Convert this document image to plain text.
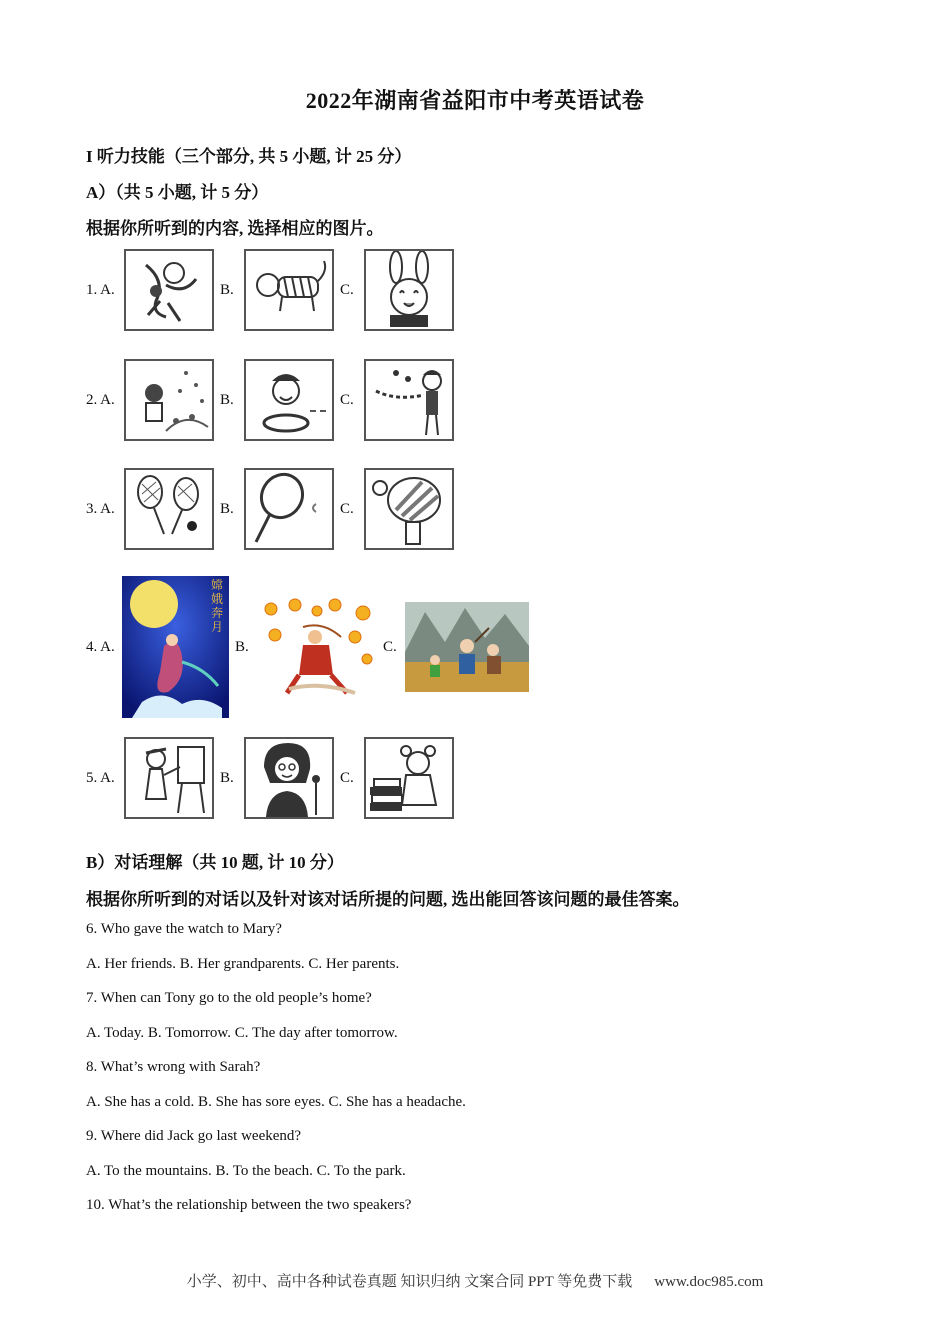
2022年湖南省益阳市中考英语试卷
I 听力技能（三个部分, 共 5 小题, 计 25 分）
A）（共 5 小题, 计 5 分）
根据你所听到的内容, 选择相应的图片。
1. A.	B.	C.
2. A.	B.	C.
3. A.	B.	C.
4. A.
嫦娥奔月
B.	C.
5. A.	B.	C.
B）对话理解（共 10 题, 计 10 分）
根据你所听到的对话以及针对该对话所提的问题, 选出能回答该问题的最佳答案。
6. Who gave the watch to Mary?
A. Her friends. B. Her grandparents. C. Her parents.
7. When can Tony go to the old people’s home?
A. Today. B. Tomorrow. C. The day after tomorrow.
8. What’s wrong with Sarah?
A. She has a cold. B. She has sore eyes. C. She has a headache.
9. Where did Jack go last weekend?
A. To the mountains. B. To the beach. C. To the park.
10. What’s the relationship between the two speakers?
小学、初中、高中各种试卷真题 知识归纳 文案合同 PPT 等免费下载 www.doc985.com
